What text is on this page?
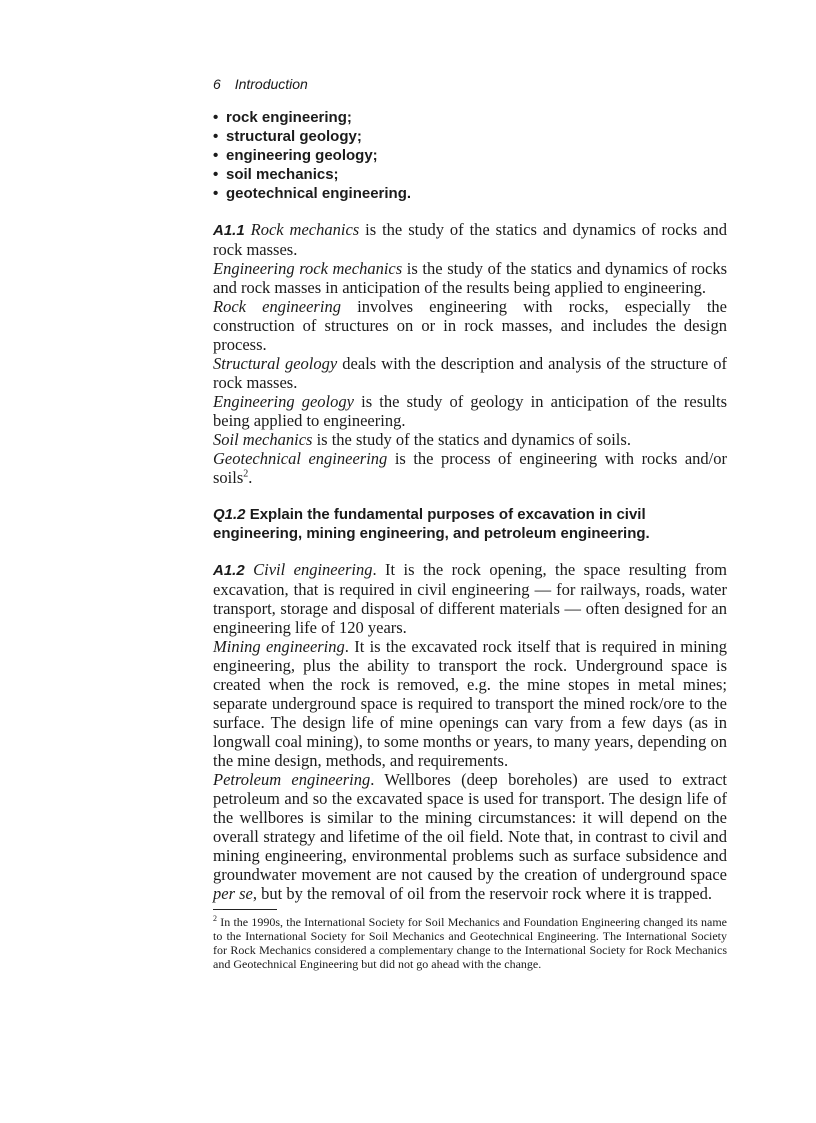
6 Introduction
• rock engineering;
• structural geology;
• engineering geology;
• soil mechanics;
• geotechnical engineering.

A1.1 Rock mechanics is the study of the statics and dynamics of rocks and rock masses.

Engineering rock mechanics is the study of the statics and dynamics of rocks and rock masses in anticipation of the results being applied to engineering.

Rock engineering involves engineering with rocks, especially the construction of structures on or in rock masses, and includes the design process.

Structural geology deals with the description and analysis of the structure of rock masses.

Engineering geology is the study of geology in anticipation of the results being applied to engineering.

Soil mechanics is the study of the statics and dynamics of soils.

Geotechnical engineering is the process of engineering with rocks and/or soils$^2$.

Q1.2 Explain the fundamental purposes of excavation in civil engineering, mining engineering, and petroleum engineering.

A1.2 Civil engineering. It is the rock opening, the space resulting from excavation, that is required in civil engineering — for railways, roads, water transport, storage and disposal of different materials — often designed for an engineering life of 120 years.

Mining engineering. It is the excavated rock itself that is required in mining engineering, plus the ability to transport the rock. Underground space is created when the rock is removed, e.g. the mine stopes in metal mines; separate underground space is required to transport the mined rock/ore to the surface. The design life of mine openings can vary from a few days (as in longwall coal mining), to some months or years, to many years, depending on the mine design, methods, and requirements.

Petroleum engineering. Wellbores (deep boreholes) are used to extract petroleum and so the excavated space is used for transport. The design life of the wellbores is similar to the mining circumstances: it will depend on the overall strategy and lifetime of the oil field. Note that, in contrast to civil and mining engineering, environmental problems such as surface subsidence and groundwater movement are not caused by the creation of underground space per se, but by the removal of oil from the reservoir rock where it is trapped.

$^2$ In the 1990s, the International Society for Soil Mechanics and Foundation Engineering changed its name to the International Society for Soil Mechanics and Geotechnical Engineering. The International Society for Rock Mechanics considered a complementary change to the International Society for Rock Mechanics and Geotechnical Engineering but did not go ahead with the change.
